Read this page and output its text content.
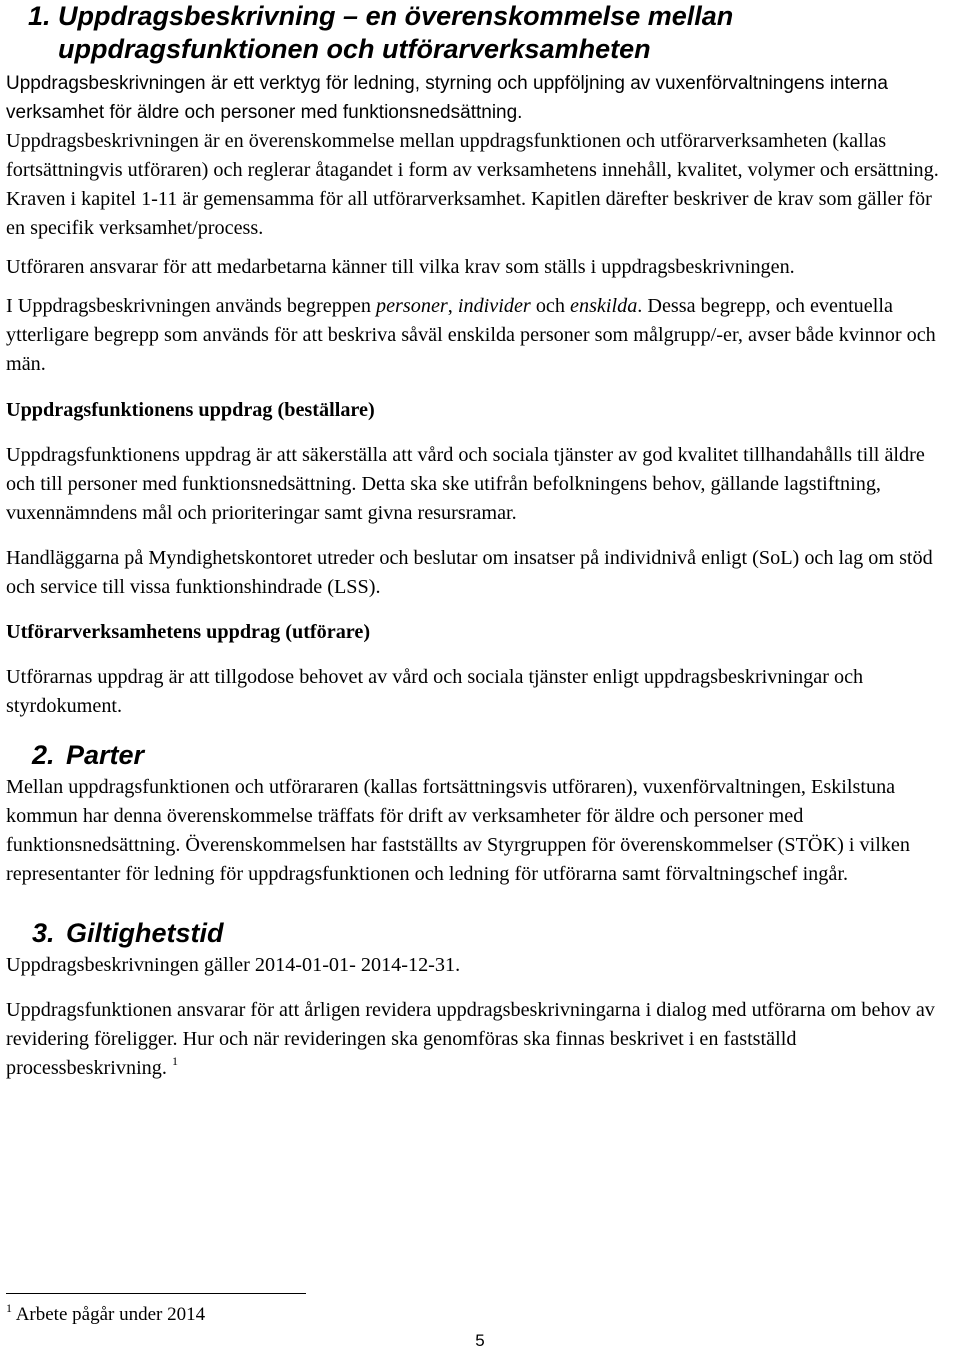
1. Uppdragsbeskrivning – en överenskommelse mellan uppdragsfunktionen och utförarverksamheten
Uppdragsbeskrivningen är ett verktyg för ledning, styrning och uppföljning av vuxenförvaltningens interna verksamhet för äldre och personer med funktionsnedsättning.

Uppdragsbeskrivningen är en överenskommelse mellan uppdragsfunktionen och utförarverksamheten (kallas fortsättningvis utföraren) och reglerar åtagandet i form av verksamhetens innehåll, kvalitet, volymer och ersättning. Kraven i kapitel 1-11 är gemensamma för all utförarverksamhet. Kapitlen därefter beskriver de krav som gäller för en specifik verksamhet/process.

Utföraren ansvarar för att medarbetarna känner till vilka krav som ställs i uppdragsbeskrivningen.

I Uppdragsbeskrivningen används begreppen personer, individer och enskilda. Dessa begrepp, och eventuella ytterligare begrepp som används för att beskriva såväl enskilda personer som målgrupp/-er, avser både kvinnor och män.

Uppdragsfunktionens uppdrag (beställare)

Uppdragsfunktionens uppdrag är att säkerställa att vård och sociala tjänster av god kvalitet tillhandahålls till äldre och till personer med funktionsnedsättning. Detta ska ske utifrån befolkningens behov, gällande lagstiftning, vuxennämndens mål och prioriteringar samt givna resursramar.

Handläggarna på Myndighetskontoret utreder och beslutar om insatser på individnivå enligt (SoL) och lag om stöd och service till vissa funktionshindrade (LSS).

Utförarverksamhetens uppdrag (utförare)

Utförarnas uppdrag är att tillgodose behovet av vård och sociala tjänster enligt uppdragsbeskrivningar och styrdokument.

2. Parter

Mellan uppdragsfunktionen och utförararen (kallas fortsättningsvis utföraren), vuxenförvaltningen, Eskilstuna kommun har denna överenskommelse träffats för drift av verksamheter för äldre och personer med funktionsnedsättning. Överenskommelsen har fastställts av Styrgruppen för överenskommelser (STÖK) i vilken representanter för ledning för uppdragsfunktionen och ledning för utförarna samt förvaltningschef ingår.

3. Giltighetstid

Uppdragsbeskrivningen gäller 2014-01-01- 2014-12-31.

Uppdragsfunktionen ansvarar för att årligen revidera uppdragsbeskrivningarna i dialog med utförarna om behov av revidering föreligger. Hur och när revideringen ska genomföras ska finnas beskrivet i en fastställd processbeskrivning. $^1$

$^1$ Arbete pågår under 2014
5
